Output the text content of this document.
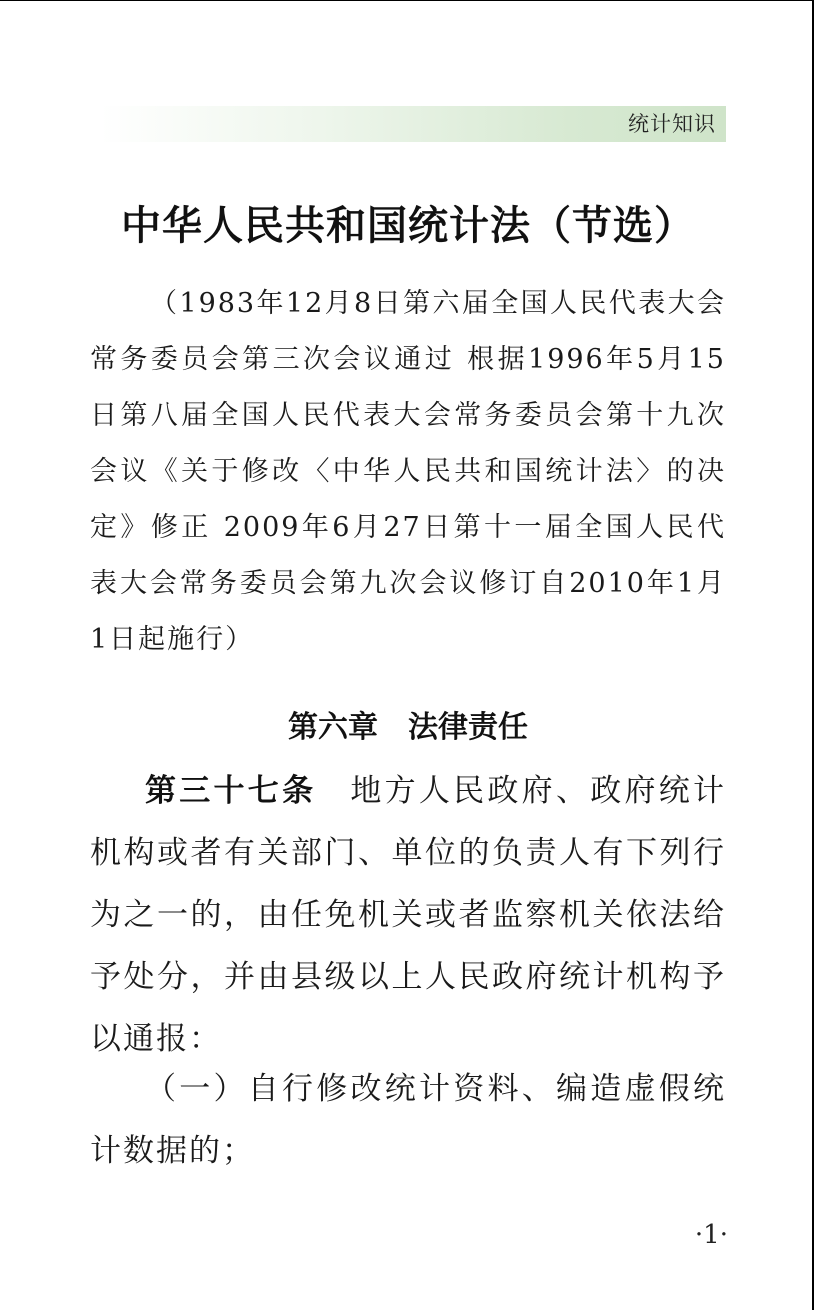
统计知识
中华人民共和国统计法（节选）

（1983年12月8日第六届全国人民代表大会常务委员会第三次会议通过 根据1996年5月15日第八届全国人民代表大会常务委员会第十九次会议《关于修改〈中华人民共和国统计法〉的决定》修正 2009年6月27日第十一届全国人民代表大会常务委员会第九次会议修订自2010年1月1日起施行）

第六章　法律责任

第三十七条 地方人民政府、政府统计机构或者有关部门、单位的负责人有下列行为之一的，由任免机关或者监察机关依法给予处分，并由县级以上人民政府统计机构予以通报：

（一）自行修改统计资料、编造虚假统计数据的；

·1·
